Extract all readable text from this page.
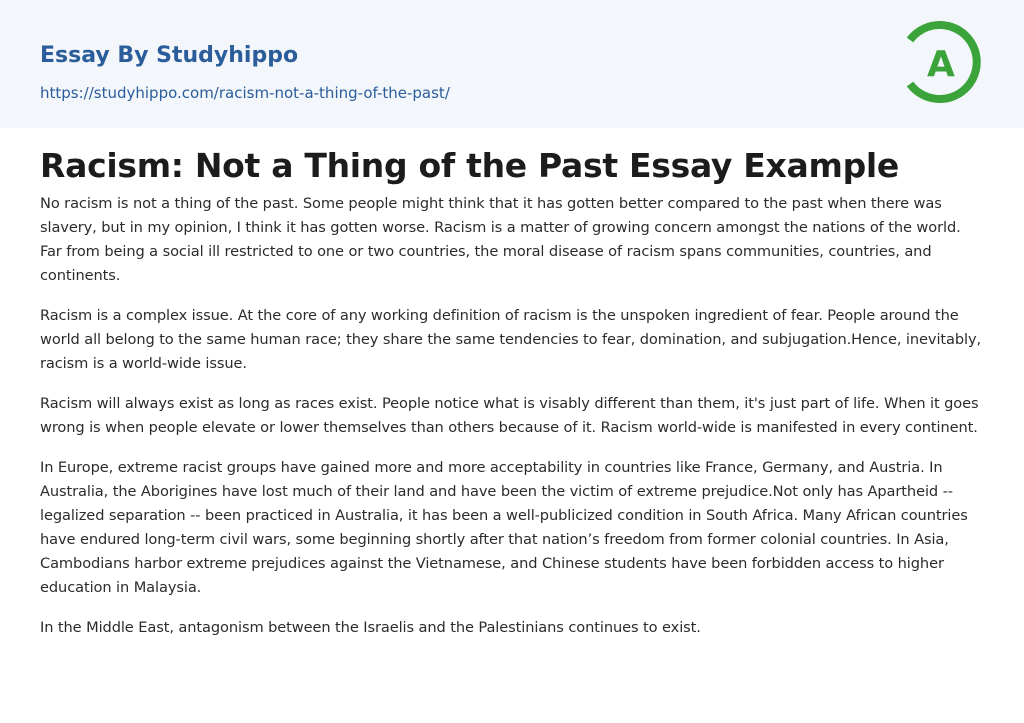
Essay By Studyhippo
https://studyhippo.com/racism-not-a-thing-of-the-past/
A
Racism: Not a Thing of the Past Essay Example

No racism is not a thing of the past. Some people might think that it has gotten better compared to the past when there was slavery, but in my opinion, I think it has gotten worse. Racism is a matter of growing concern amongst the nations of the world. Far from being a social ill restricted to one or two countries, the moral disease of racism spans communities, countries, and continents.

Racism is a complex issue. At the core of any working definition of racism is the unspoken ingredient of fear. People around the world all belong to the same human race; they share the same tendencies to fear, domination, and subjugation.Hence, inevitably, racism is a world-wide issue.

Racism will always exist as long as races exist. People notice what is visably different than them, it's just part of life. When it goes wrong is when people elevate or lower themselves than others because of it. Racism world-wide is manifested in every continent.

In Europe, extreme racist groups have gained more and more acceptability in countries like France, Germany, and Austria. In Australia, the Aborigines have lost much of their land and have been the victim of extreme prejudice.Not only has Apartheid -- legalized separation -- been practiced in Australia, it has been a well-publicized condition in South Africa. Many African countries have endured long-term civil wars, some beginning shortly after that nation’s freedom from former colonial countries. In Asia, Cambodians harbor extreme prejudices against the Vietnamese, and Chinese students have been forbidden access to higher education in Malaysia.

In the Middle East, antagonism between the Israelis and the Palestinians continues to exist.
